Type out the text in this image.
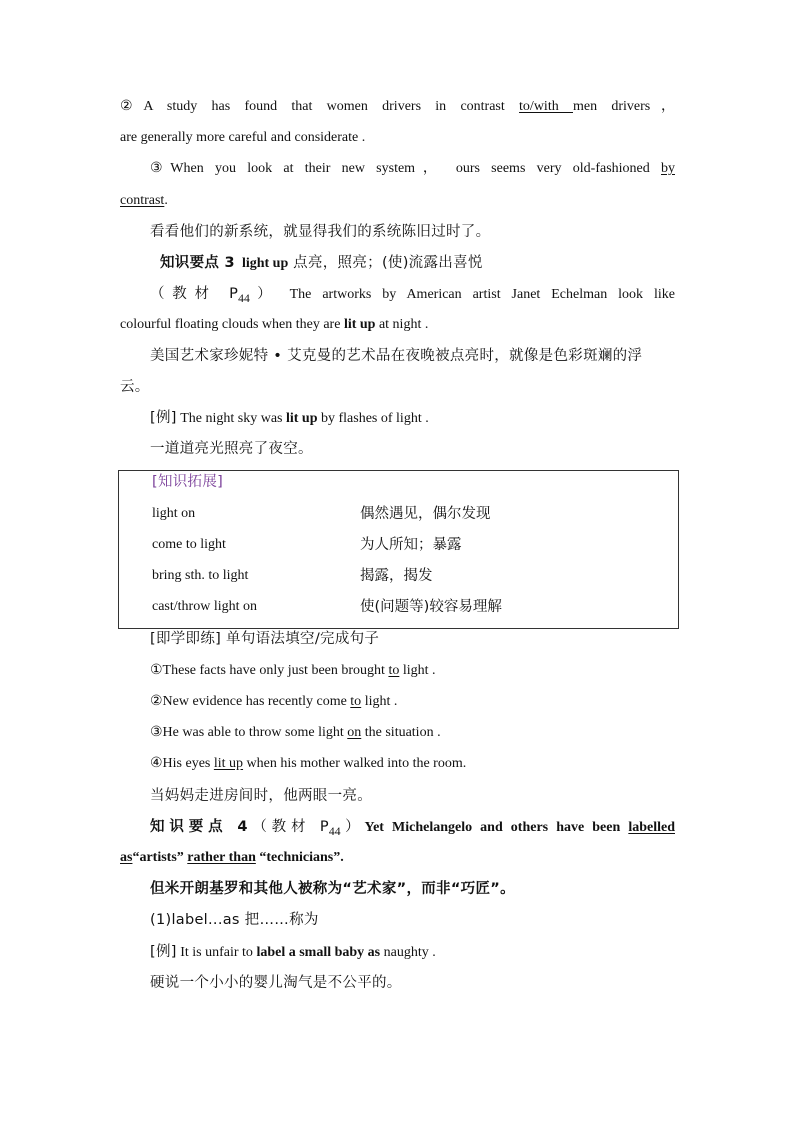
②A study has found that women drivers in contrast to/with men drivers，
are generally more careful and considerate .
③When you look at their new system， ours seems very old-fashioned by
contrast.
看看他们的新系统，就显得我们的系统陈旧过时了。
知识要点 3 light up 点亮，照亮；(使)流露出喜悦
（教材 $P_{44}$） The artworks by American artist Janet Echelman look like
colourful floating clouds when they are lit up at night .
美国艺术家珍妮特 • 艾克曼的艺术品在夜晚被点亮时，就像是色彩斑斓的浮
云。
[例] The night sky was lit up by flashes of light .
一道道亮光照亮了夜空。
[知识拓展]
light on	偶然遇见，偶尔发现
come to light	为人所知；暴露
bring sth. to light	揭露，揭发
cast/throw light on	使(问题等)较容易理解
[即学即练] 单句语法填空/完成句子
①These facts have only just been brought to light .
②New evidence has recently come to light .
③He was able to throw some light on the situation .
④His eyes lit up when his mother walked into the room.
当妈妈走进房间时，他两眼一亮。
知识要点 4（教材 $P_{44})Yet$ Michelangelo and others have been labelled
as“artists” rather than “technicians”.
但米开朗基罗和其他人被称为“艺术家”，而非“巧匠”。
(1)label...as 把……称为
[例] It is unfair to label a small baby as naughty .
硬说一个小小的婴儿淘气是不公平的。
